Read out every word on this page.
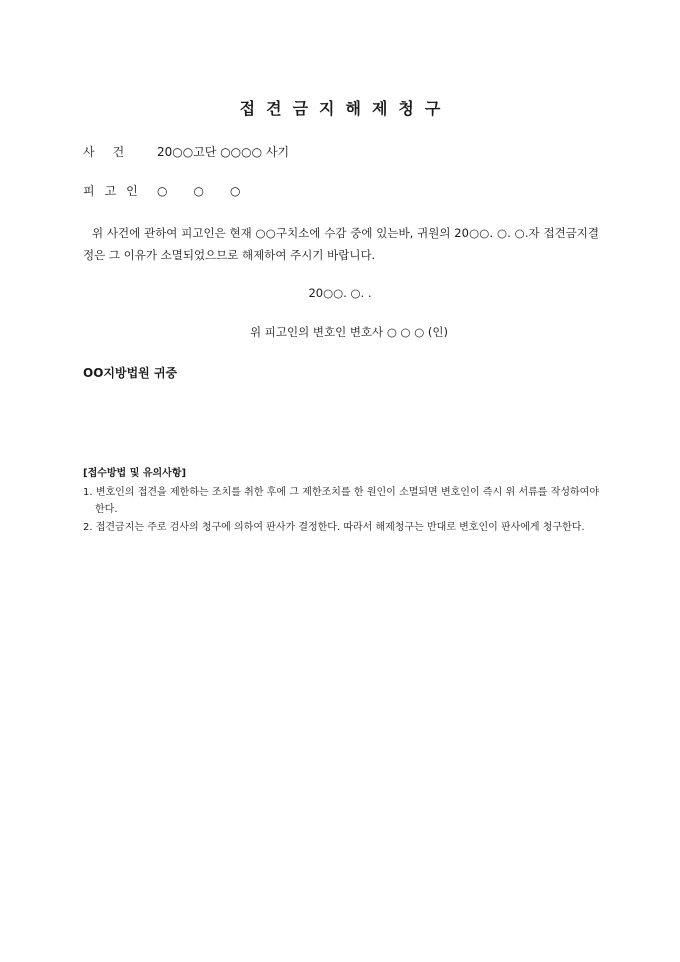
접견금지해제청구
사건 20○○고단 ○○○○ 사기
피고인 ○○○
위 사건에 관하여 피고인은 현재 ○○구치소에 수감 중에 있는바, 귀원의 20○○. ○. ○.자 접견금지결정은 그 이유가 소멸되었으므로 해제하여 주시기 바랍니다.
20○○. ○. .
위 피고인의 변호인 변호사 ○ ○ ○ (인)
OO지방법원 귀중
[접수방법 및 유의사항]
1. 변호인의 접견을 제한하는 조치를 취한 후에 그 제한조치를 한 원인이 소멸되면 변호인이 즉시 위 서류를 작성하여야 한다.
2. 접견금지는 주로 검사의 청구에 의하여 판사가 결정한다. 따라서 해제청구는 반대로 변호인이 판사에게 청구한다.
